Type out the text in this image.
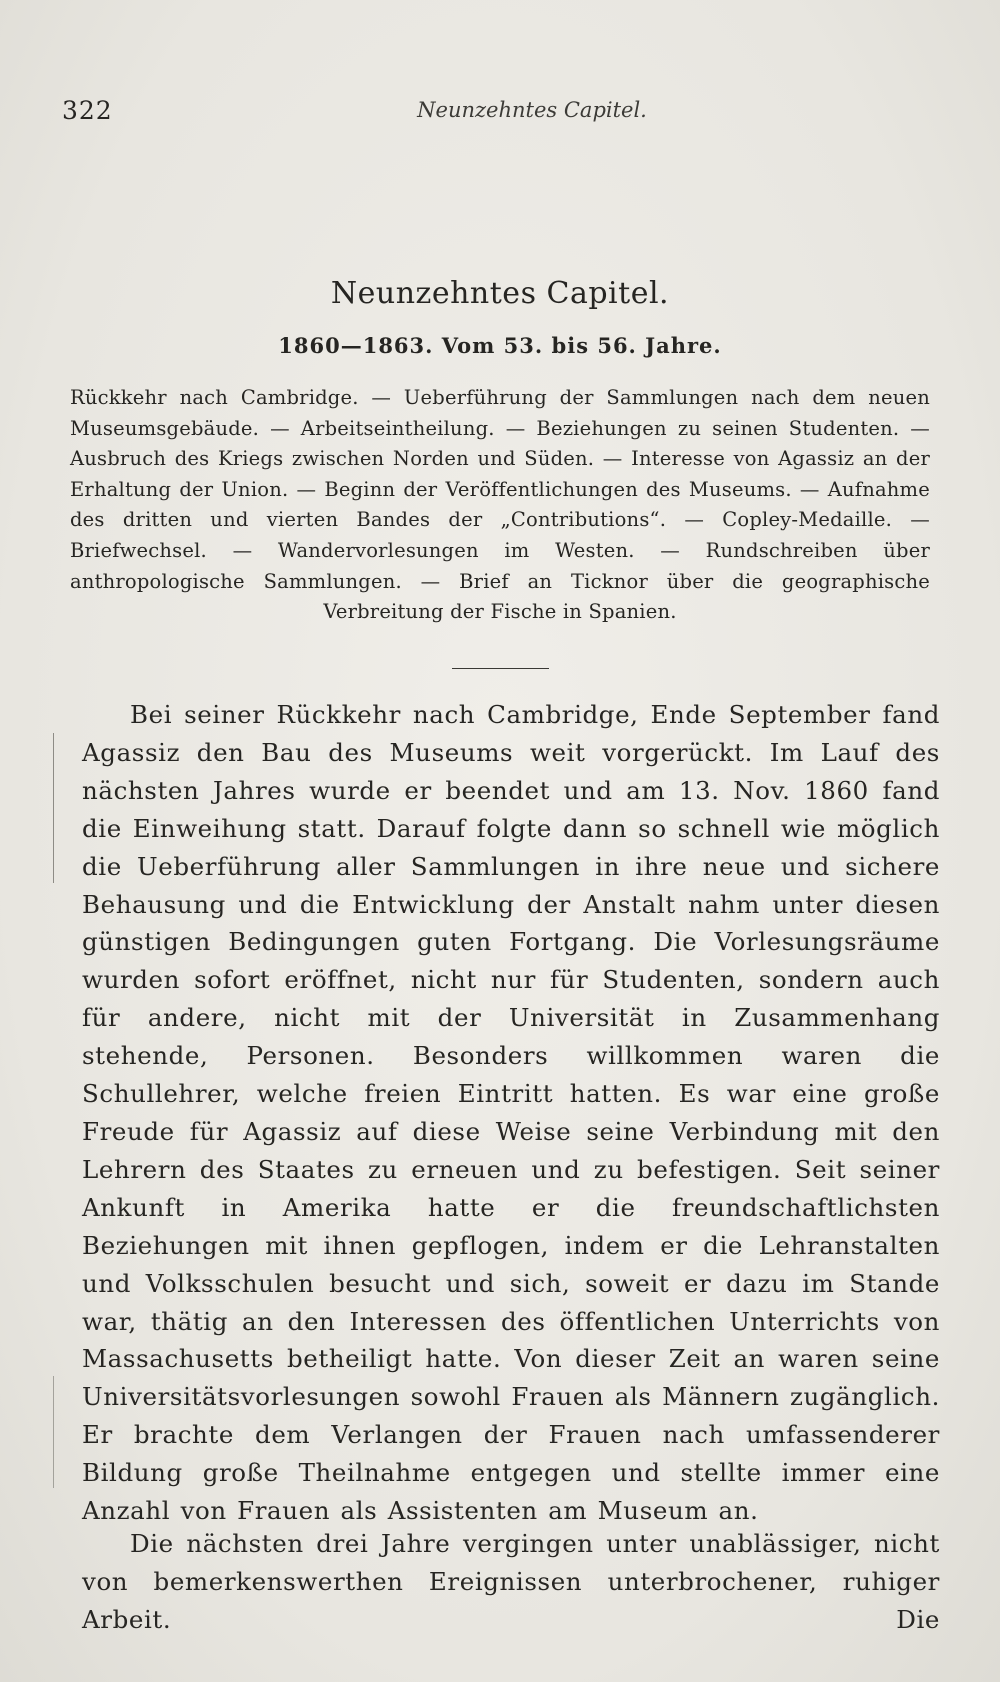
322	Neunzehntes Capitel.
Neunzehntes Capitel.
1860—1863. Vom 53. bis 56. Jahre.

Rückkehr nach Cambridge. — Ueberführung der Sammlungen nach dem neuen Museumsgebäude. — Arbeitseintheilung. — Beziehungen zu seinen Studenten. — Ausbruch des Kriegs zwischen Norden und Süden. — Interesse von Agassiz an der Erhaltung der Union. — Beginn der Veröffentlichungen des Museums. — Aufnahme des dritten und vierten Bandes der „Contributions“. — Copley-Medaille. — Briefwechsel. — Wandervorlesungen im Westen. — Rundschreiben über anthropologische Sammlungen. — Brief an Ticknor über die geographische Verbreitung der Fische in Spanien.

Bei seiner Rückkehr nach Cambridge, Ende September fand Agassiz den Bau des Museums weit vorgerückt. Im Lauf des nächsten Jahres wurde er beendet und am 13. Nov. 1860 fand die Einweihung statt. Darauf folgte dann so schnell wie möglich die Ueberführung aller Sammlungen in ihre neue und sichere Behausung und die Entwicklung der Anstalt nahm unter diesen günstigen Bedingungen guten Fortgang. Die Vorlesungsräume wurden sofort eröffnet, nicht nur für Studenten, sondern auch für andere, nicht mit der Universität in Zusammenhang stehende, Personen. Besonders willkommen waren die Schullehrer, welche freien Eintritt hatten. Es war eine große Freude für Agassiz auf diese Weise seine Verbindung mit den Lehrern des Staates zu erneuen und zu befestigen. Seit seiner Ankunft in Amerika hatte er die freundschaftlichsten Beziehungen mit ihnen gepflogen, indem er die Lehranstalten und Volksschulen besucht und sich, soweit er dazu im Stande war, thätig an den Interessen des öffentlichen Unterrichts von Massachusetts betheiligt hatte. Von dieser Zeit an waren seine Universitätsvorlesungen sowohl Frauen als Männern zugänglich. Er brachte dem Verlangen der Frauen nach umfassenderer Bildung große Theilnahme entgegen und stellte immer eine Anzahl von Frauen als Assistenten am Museum an.

Die nächsten drei Jahre vergingen unter unablässiger, nicht von bemerkenswerthen Ereignissen unterbrochener, ruhiger Arbeit. Die
